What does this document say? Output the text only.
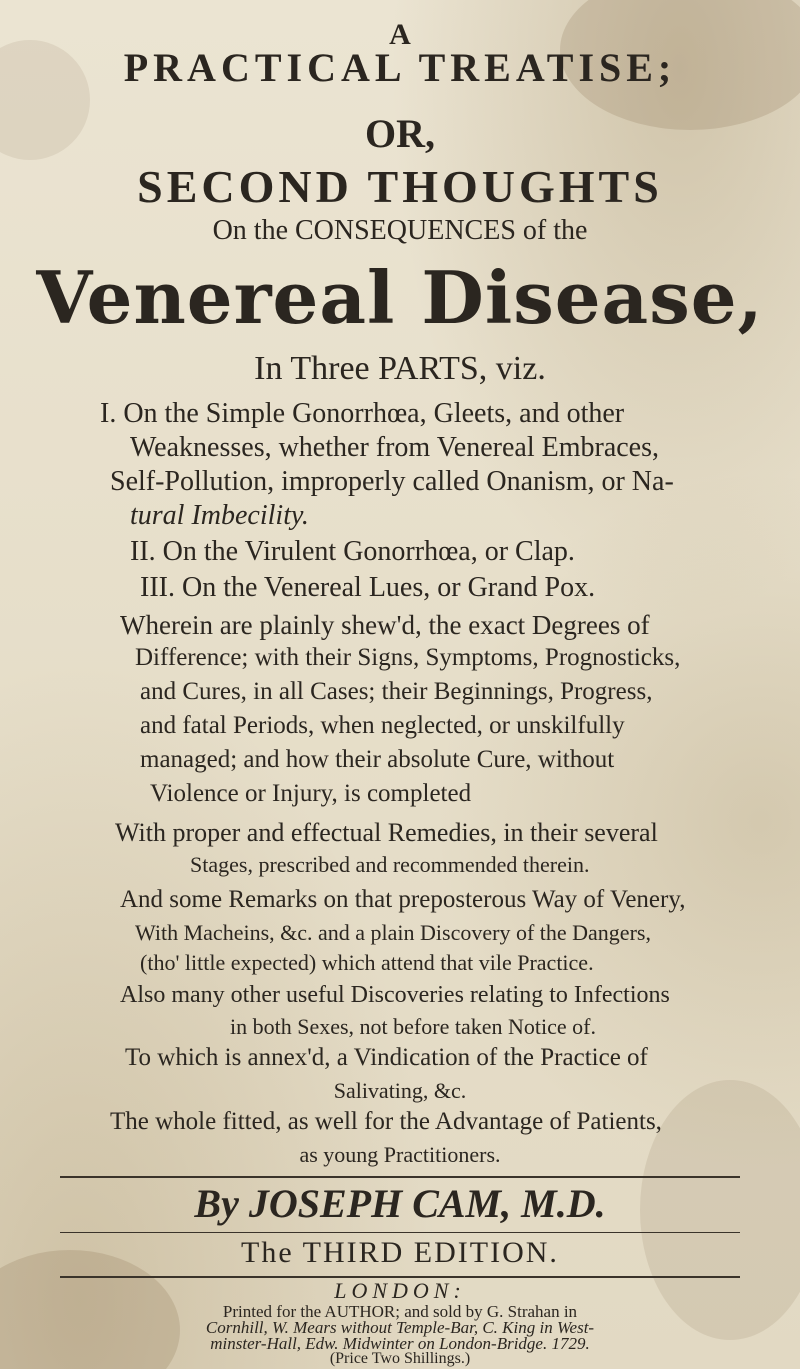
A
PRACTICAL TREATISE;
OR,
SECOND THOUGHTS
On the CONSEQUENCES of the
Venereal Disease,
In Three PARTS, viz.
I. On the Simple Gonorrhœa, Gleets, and other
Weaknesses, whether from Venereal Embraces,
Self-Pollution, improperly called Onanism, or Na-
tural Imbecility.
II. On the Virulent Gonorrhœa, or Clap.
III. On the Venereal Lues, or Grand Pox.
Wherein are plainly shew'd, the exact Degrees of
Difference; with their Signs, Symptoms, Prognosticks,
and Cures, in all Cases; their Beginnings, Progress,
and fatal Periods, when neglected, or unskilfully
managed; and how their absolute Cure, without
Violence or Injury, is completed
With proper and effectual Remedies, in their several
Stages, prescribed and recommended therein.
And some Remarks on that preposterous Way of Venery,
With Macheins, &c. and a plain Discovery of the Dangers,
(tho' little expected) which attend that vile Practice.
Also many other useful Discoveries relating to Infections
in both Sexes, not before taken Notice of.
To which is annex'd, a Vindication of the Practice of
Salivating, &c.
The whole fitted, as well for the Advantage of Patients,
as young Practitioners.
By JOSEPH CAM, M.D.
The THIRD EDITION.
LONDON:
Printed for the AUTHOR; and sold by G. Strahan in
Cornhill, W. Mears without Temple-Bar, C. King in West-
minster-Hall, Edw. Midwinter on London-Bridge. 1729.
(Price Two Shillings.)
